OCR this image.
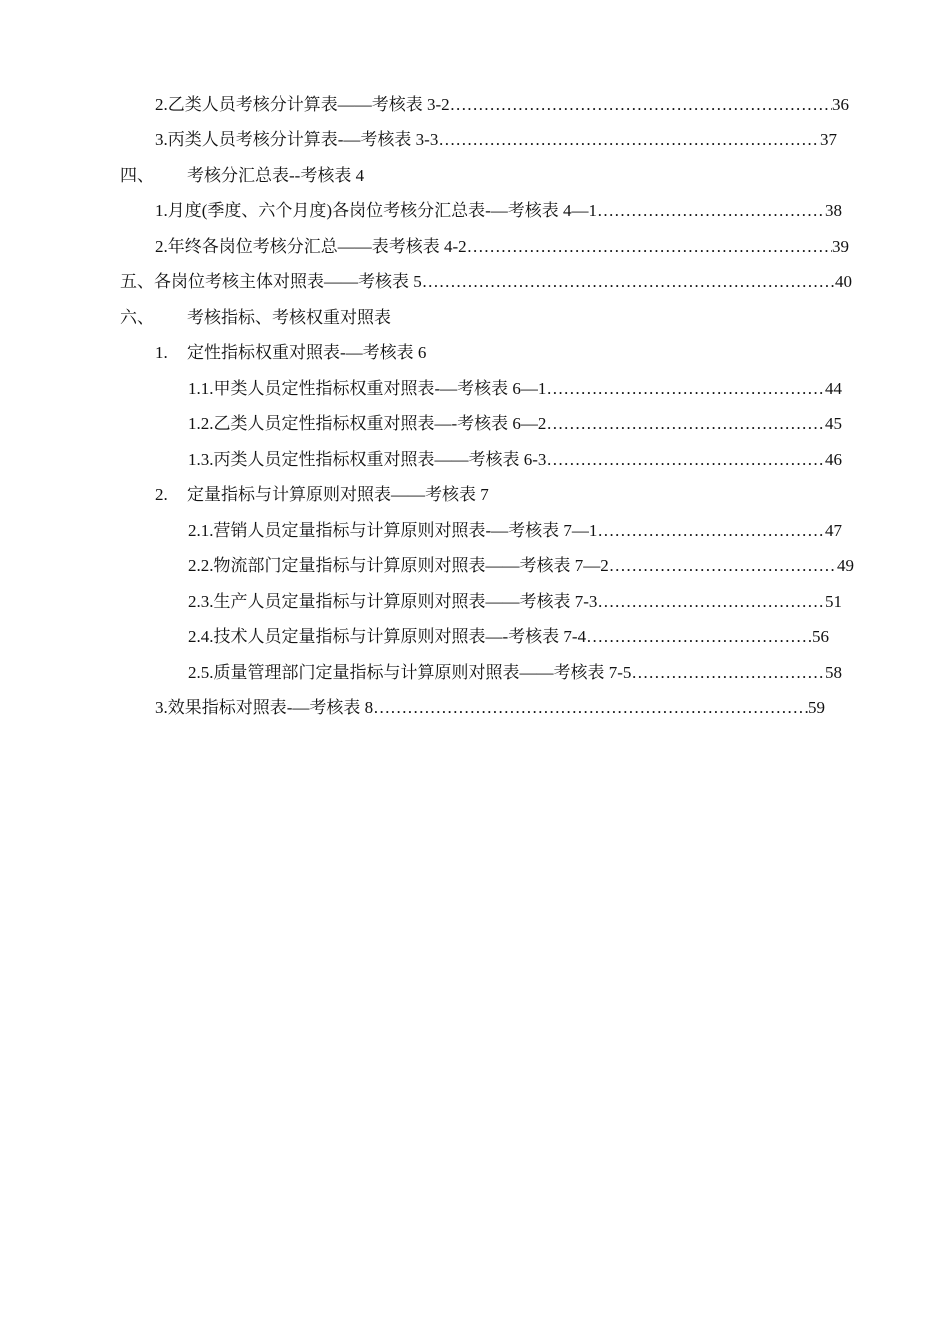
2. 乙类人员考核分计算表——考核表 3-2 ………………………………………………………………………………………………………………………………………………………………………………	36
3. 丙类人员考核分计算表-—考核表 3-3 ………………………………………………………………………………………………………………………………………………………………………………	37
四、	考核分汇总表--考核表 4
1. 月度(季度、六个月度)各岗位考核分汇总表-—考核表 4—1 ………………………………………………………………………………………………………………………………………………………………………………	38
2. 年终各岗位考核分汇总——表考核表 4-2 ………………………………………………………………………………………………………………………………………………………………………………	39
五、 各岗位考核主体对照表——考核表 5 ………………………………………………………………………………………………………………………………………………………………………………	40
六、	考核指标、考核权重对照表
1.	定性指标权重对照表-—考核表 6
1.1. 甲类人员定性指标权重对照表-—考核表 6—1 ………………………………………………………………………………………………………………………………………………………………………………	44
1.2. 乙类人员定性指标权重对照表—-考核表 6—2 ………………………………………………………………………………………………………………………………………………………………………………	45
1.3. 丙类人员定性指标权重对照表——考核表 6-3 ………………………………………………………………………………………………………………………………………………………………………………	46
2.	定量指标与计算原则对照表——考核表 7
2.1. 营销人员定量指标与计算原则对照表-—考核表 7—1 ………………………………………………………………………………………………………………………………………………………………………………	47
2.2. 物流部门定量指标与计算原则对照表——考核表 7—2 ………………………………………………………………………………………………………………………………………………………………………………	49
2.3. 生产人员定量指标与计算原则对照表——考核表 7-3 ………………………………………………………………………………………………………………………………………………………………………………	51
2.4. 技术人员定量指标与计算原则对照表—-考核表 7-4 ………………………………………………………………………………………………………………………………………………………………………………	56
2.5. 质量管理部门定量指标与计算原则对照表——考核表 7-5 ………………………………………………………………………………………………………………………………………………………………………………	58
3. 效果指标对照表-—考核表 8 ………………………………………………………………………………………………………………………………………………………………………………	59
